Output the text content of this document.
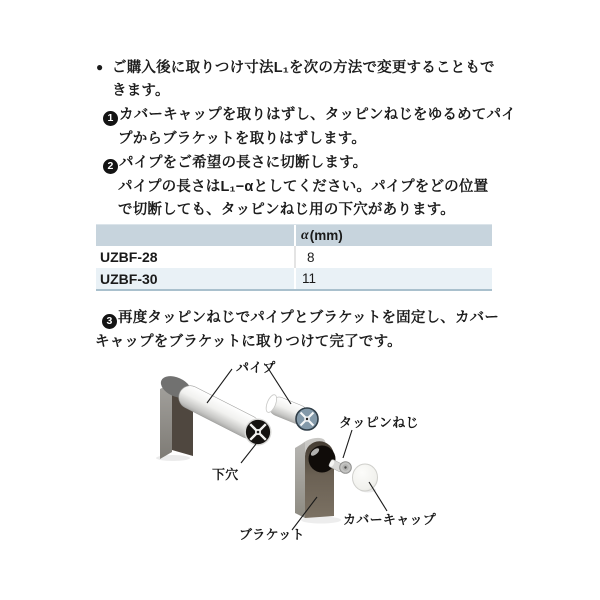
● ご購入後に取りつけ寸法L₁を次の方法で変更することもで
きます。
1 カバーキャップを取りはずし、タッピンねじをゆるめてパイ
プからブラケットを取りはずします。
2 パイプをご希望の長さに切断します。
パイプの長さはL₁−αとしてください。パイプをどの位置
で切断しても、タッピンねじ用の下穴があります。
α (mm)
UZBF-28	8
UZBF-30	11
3 再度タッピンねじでパイプとブラケットを固定し、カバー
キャップをブラケットに取りつけて完了です。
パイプ
下穴
タッピンねじ
カバーキャップ
ブラケット
